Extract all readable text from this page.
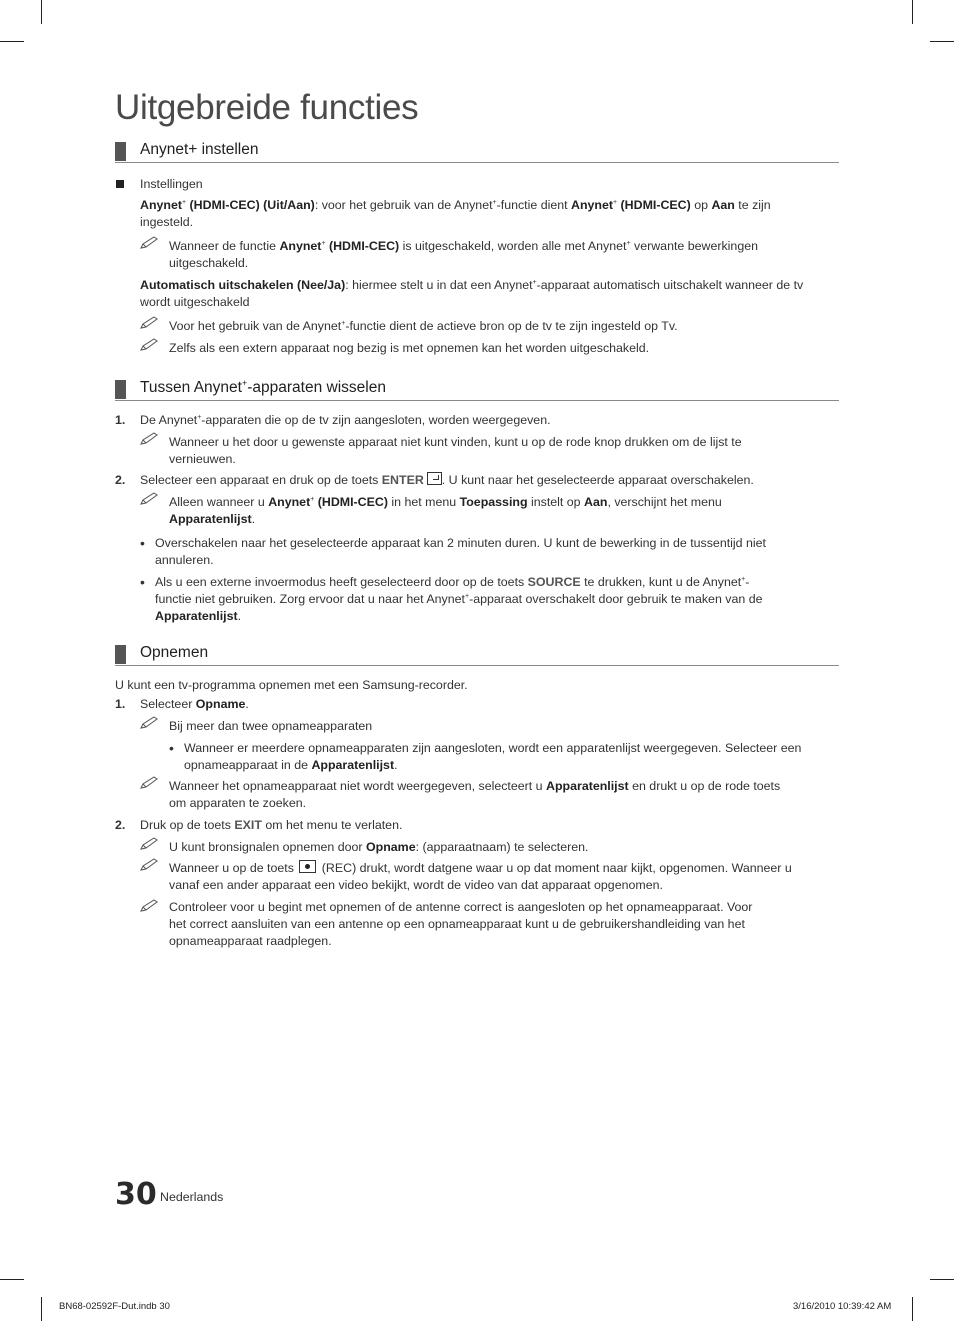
Uitgebreide functies
Anynet+ instellen
Instellingen
Anynet+ (HDMI-CEC) (Uit/Aan): voor het gebruik van de Anynet+-functie dient Anynet+ (HDMI-CEC) op Aan te zijn
ingesteld.
Wanneer de functie Anynet+ (HDMI-CEC) is uitgeschakeld, worden alle met Anynet+ verwante bewerkingen
uitgeschakeld.
Automatisch uitschakelen (Nee/Ja): hiermee stelt u in dat een Anynet+-apparaat automatisch uitschakelt wanneer de tv
wordt uitgeschakeld
Voor het gebruik van de Anynet+-functie dient de actieve bron op de tv te zijn ingesteld op Tv.
Zelfs als een extern apparaat nog bezig is met opnemen kan het worden uitgeschakeld.
Tussen Anynet+-apparaten wisselen
1. De Anynet+-apparaten die op de tv zijn aangesloten, worden weergegeven.
Wanneer u het door u gewenste apparaat niet kunt vinden, kunt u op de rode knop drukken om de lijst te
vernieuwen.
2. Selecteer een apparaat en druk op de toets ENTER . U kunt naar het geselecteerde apparaat overschakelen.
Alleen wanneer u Anynet+ (HDMI-CEC) in het menu Toepassing instelt op Aan, verschijnt het menu
Apparatenlijst.
• Overschakelen naar het geselecteerde apparaat kan 2 minuten duren. U kunt de bewerking in de tussentijd niet
annuleren.
• Als u een externe invoermodus heeft geselecteerd door op de toets SOURCE te drukken, kunt u de Anynet+-
functie niet gebruiken. Zorg ervoor dat u naar het Anynet+-apparaat overschakelt door gebruik te maken van de
Apparatenlijst.
Opnemen
U kunt een tv-programma opnemen met een Samsung-recorder.
1. Selecteer Opname.
Bij meer dan twee opnameapparaten
• Wanneer er meerdere opnameapparaten zijn aangesloten, wordt een apparatenlijst weergegeven. Selecteer een
opnameapparaat in de Apparatenlijst.
Wanneer het opnameapparaat niet wordt weergegeven, selecteert u Apparatenlijst en drukt u op de rode toets
om apparaten te zoeken.
2. Druk op de toets EXIT om het menu te verlaten.
U kunt bronsignalen opnemen door Opname: (apparaatnaam) te selecteren.
Wanneer u op de toets  (REC) drukt, wordt datgene waar u op dat moment naar kijkt, opgenomen. Wanneer u
vanaf een ander apparaat een video bekijkt, wordt de video van dat apparaat opgenomen.
Controleer voor u begint met opnemen of de antenne correct is aangesloten op het opnameapparaat. Voor
het correct aansluiten van een antenne op een opnameapparaat kunt u de gebruikershandleiding van het
opnameapparaat raadplegen.
30 Nederlands
BN68-02592F-Dut.indb 30	3/16/2010 10:39:42 AM
